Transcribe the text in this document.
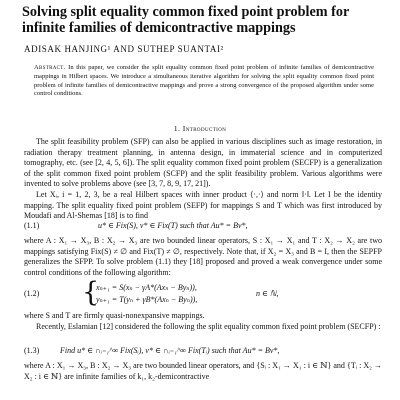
Solving split equality common fixed point problem for infinite families of demicontractive mappings
ADISAK HANJING¹ AND SUTHEP SUANTAI²

Abstract. In this paper, we consider the split equality common fixed point problem of infinite families of demicontractive mappings in Hilbert spaces. We introduce a simultaneous iterative algorithm for solving the split equality common fixed point problem of infinite families of demicontractive mappings and prove a strong convergence of the proposed algorithm under some control conditions.

1. Introduction

The split feasibility problem (SFP) can also be applied in various disciplines such as image restoration, in radiation therapy treatment planning, in antenna design, in immaterial science and in computerized tomography, etc. (see [2, 4, 5, 6]). The split equality common fixed point problem (SECFP) is a generalization of the split common fixed point problem (SCFP) and the split feasibility problem. Various algorithms were invented to solve problems above (see [3, 7, 8, 9, 17, 21]).

Let Xᵢ, i = 1, 2, 3, be a real Hilbert spaces with inner product ⟨·,·⟩ and norm ‖·‖. Let I be the identity mapping. The split equality fixed point problem (SEFP) for mappings S and T which was first introduced by Moudafi and Al-Shemas [18] is to find

(1.1)	u* ∈ Fix(S), v* ∈ Fix(T) such that Au* = Bv*,

where A : X₁ → X₃, B : X₂ → X₃ are two bounded linear operators, S : X₁ → X₁ and T : X₂ → X₂ are two mappings satisfying Fix(S) ≠ ∅ and Fix(T) ≠ ∅, respectively. Note that, if X₂ = X₃ and B = I, then the SEPFP generalizes the SFPP. To solve problem (1.1) they [18] proposed and proved a weak convergence under some control conditions of the following algorithm:

(1.2) {
xₙ₊₁ = S(xₙ − γA*(Axₙ − Byₙ)),
yₙ₊₁ = T(yₙ + γB*(Axₙ − Byₙ)),
n ∈ ℕ,

where S and T are firmly quasi-nonexpansive mappings.

Recently, Eslamian [12] considered the following the split equality common fixed point problem (SECFP) :

(1.3)	Find u* ∈ ∩ᵢ₌₁^∞ Fix(Sᵢ), v* ∈ ∩ᵢ₌₁^∞ Fix(Tᵢ) such that Au* = Bv*,

where A : X₁ → X₃, B : X₂ → X₃ are two bounded linear operators, and {Sᵢ : X₁ → X₁ : i ∈ ℕ} and {Tᵢ : X₂ → X₂ : i ∈ ℕ} are infinite families of k₁, k₂-demicontractive
